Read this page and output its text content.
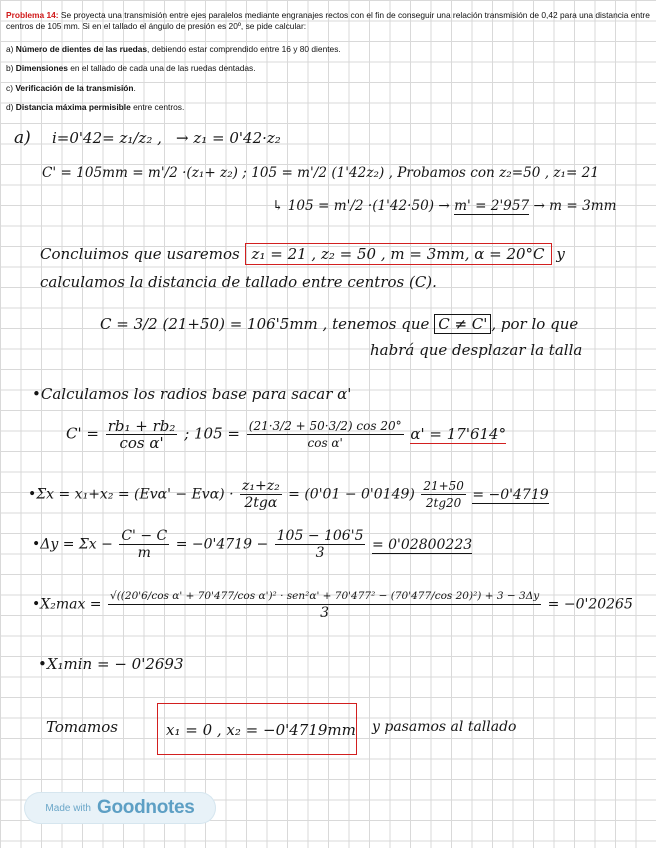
Problema 14: Se proyecta una transmisión entre ejes paralelos mediante engranajes rectos con el fin de conseguir una relación transmisión de 0,42 para una distancia entre centros de 105 mm. Si en el tallado el ángulo de presión es 20º, se pide calcular:
a) Número de dientes de las ruedas, debiendo estar comprendido entre 16 y 80 dientes.
b) Dimensiones en el tallado de cada una de las ruedas dentadas.
c) Verificación de la transmisión.
d) Distancia máxima permisible entre centros.
a) i=0'42= z₁/z₂ , → z₁ = 0'42·z₂
C' = 105mm = m'/2 ·(z₁+ z₂) ; 105 = m'/2 (1'42z₂) , Probamos con z₂=50 , z₁= 21
↳ 105 = m'/2 ·(1'42·50) → m' = 2'957 → m = 3mm
Concluimos que usaremos z₁ = 21 , z₂ = 50 , m = 3mm, α = 20°C y
calculamos la distancia de tallado entre centros (C).
C = 3/2 (21+50) = 106'5mm , tenemos que C ≠ C' , por lo que
habrá que desplazar la talla
•Calculamos los radios base para sacar α'
$C' = \frac{\text{rb₁ + rb₂}}{\text{cos α'}}$ ; $105 = \frac{(21\cdot 3/2 + 50\cdot 3/2) \cos 20^\circ}{\text{cos α'}} \alpha' = 17'614^\circ$
•Σx = $x_1+x_2 = (Ev\alpha' - Ev\alpha) \cdot \frac{\text{z₁+z₂}}{\text{2tgα}} = (0'01 - 0'0149) \frac{21+50}{2tg20} = -0'4719$
•Δy = $\Sigma x - \frac{C' - C}{m} = -0'4719 - \frac{105 - 106'5}{3} = 0'02800223$
•X₂max =
√((20'6/cos α' + 70'477/cos α')² · sen²α' + 70'477² − (70'477/cos 20)²) + 3 − 3Δy
3
= −0'20265
•X₁min = − 0'2693
Tomamos	x₁ = 0 , x₂ = −0'4719mm y pasamos al tallado
Made with Goodnotes
